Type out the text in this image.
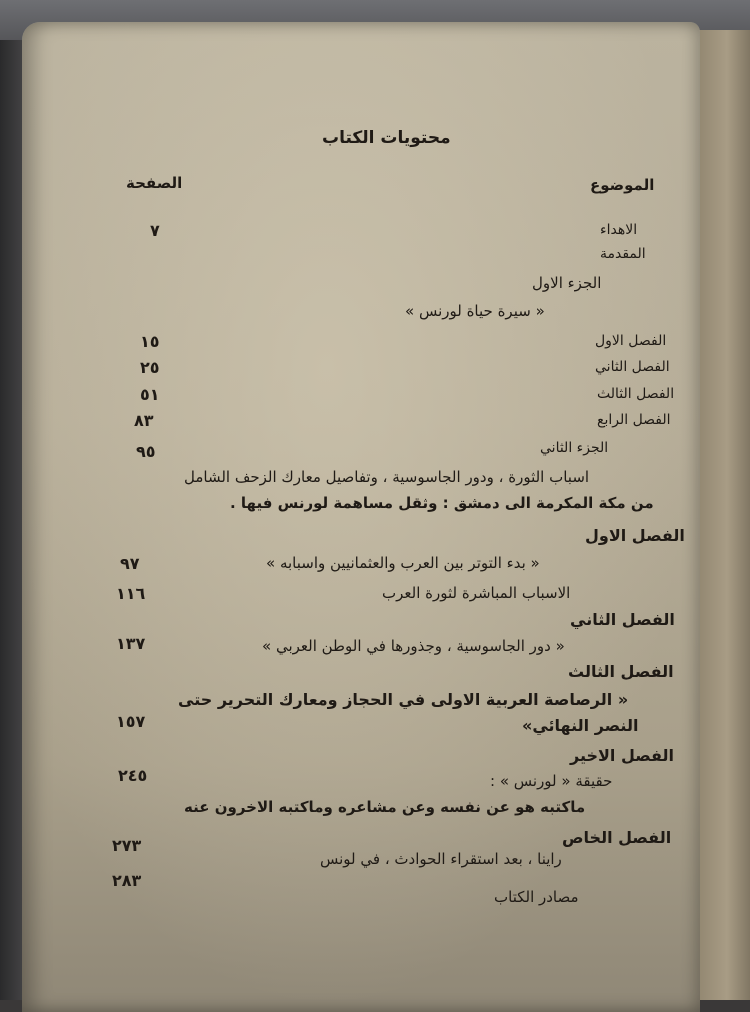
محتويات الكتاب
الموضوع
الصفحة
الاهداء
٧
المقدمة
الجزء الاول
« سيرة حياة لورنس »
الفصل الاول
١٥
الفصل الثاني
٢٥
الفصل الثالث
٥١
الفصل الرابع
٨٣
الجزء الثاني
٩٥
اسباب الثورة ، ودور الجاسوسية ، وتفاصيل معارك الزحف الشامل
من مكة المكرمة الى دمشق : وثقل مساهمة لورنس فيها .
الفصل الاول
« بدء التوتر بين العرب والعثمانيين واسبابه »
٩٧
الاسباب المباشرة لثورة العرب
١١٦
الفصل الثاني
« دور الجاسوسية ، وجذورها في الوطن العربي »
١٣٧
الفصل الثالث
« الرصاصة العربية الاولى في الحجاز ومعارك التحرير حتى
النصر النهائي»
١٥٧
الفصل الاخير
٢٤٥	حقيقة « لورنس » :
ماكتبه هو عن نفسه وعن مشاعره وماكتبه الاخرون عنه
الفصل الخاص
راينا ، بعد استقراء الحوادث ، في لونس
٢٧٣
مصادر الكتاب
٢٨٣
